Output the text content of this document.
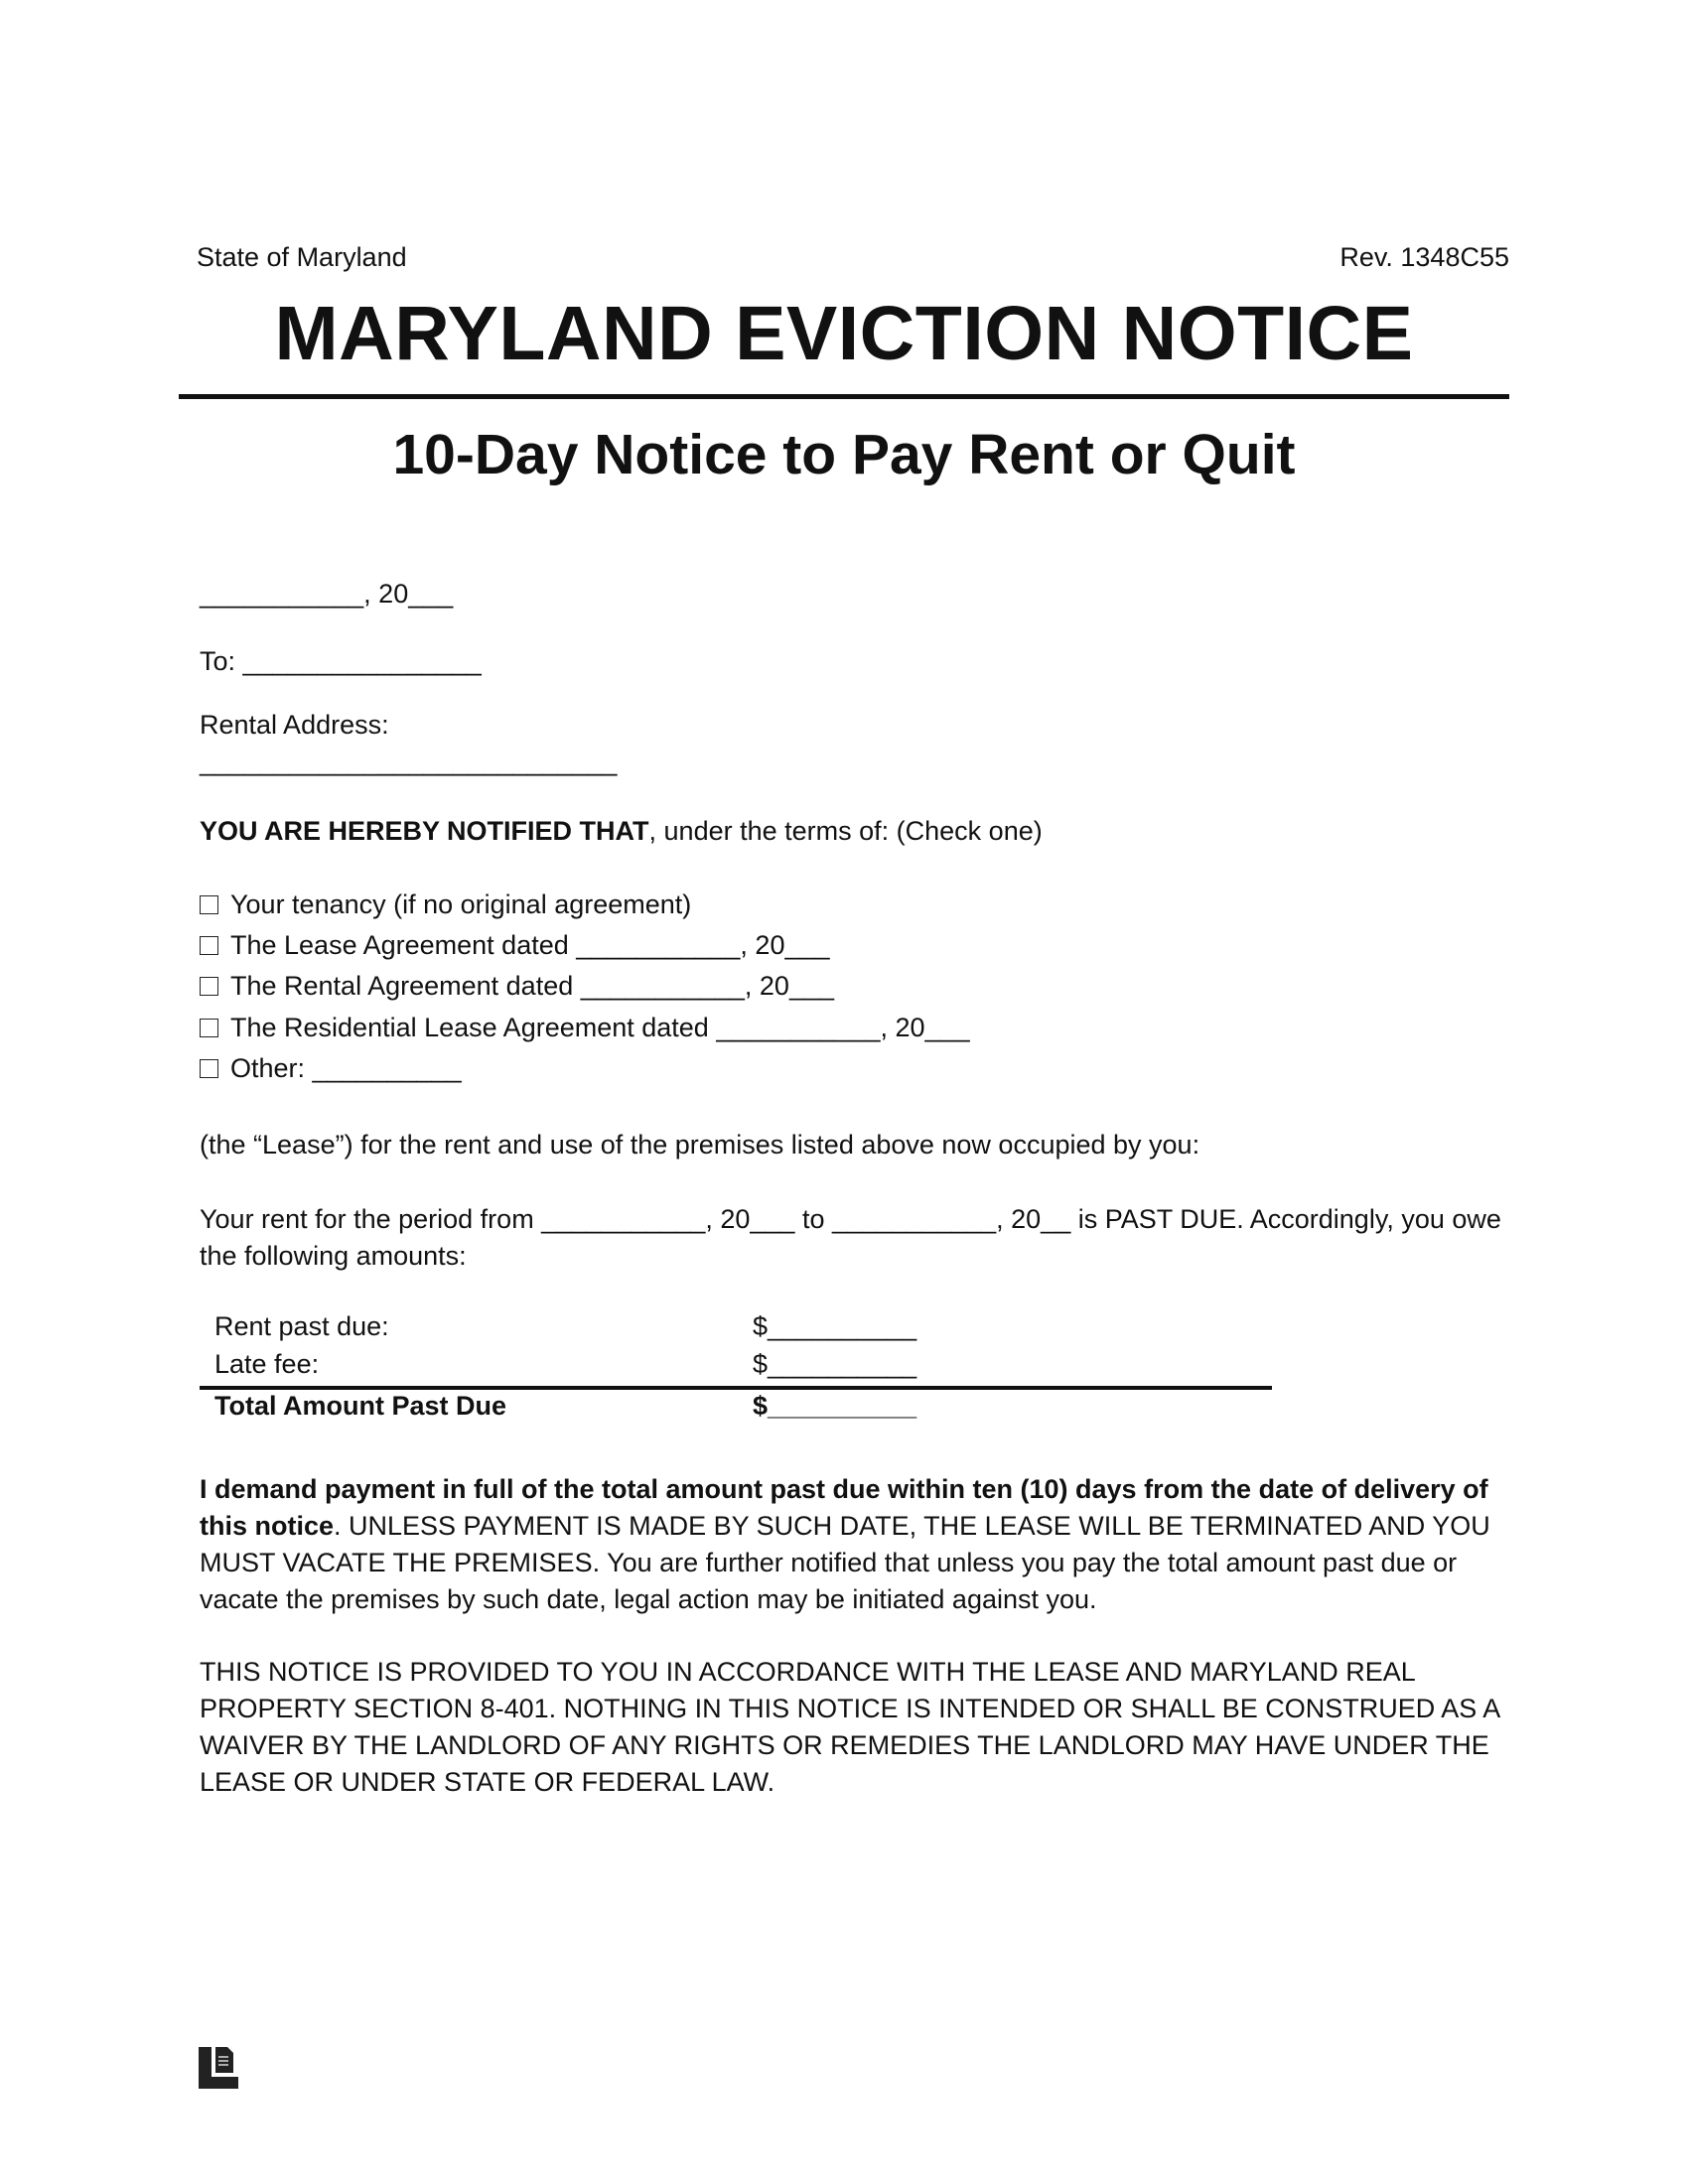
State of Maryland	Rev. 1348C55
MARYLAND EVICTION NOTICE
10-Day Notice to Pay Rent or Quit
___________, 20___
To: ________________
Rental Address:
____________________________
YOU ARE HEREBY NOTIFIED THAT, under the terms of: (Check one)
Your tenancy (if no original agreement)
The Lease Agreement dated ___________, 20___
The Rental Agreement dated ___________, 20___
The Residential Lease Agreement dated ___________, 20___
Other: __________
(the “Lease”) for the rent and use of the premises listed above now occupied by you:
Your rent for the period from ___________, 20___ to ___________, 20__ is PAST DUE. Accordingly, you owe the following amounts:
Rent past due:	$__________
Late fee:	$__________
Total Amount Past Due	$__________
I demand payment in full of the total amount past due within ten (10) days from the date of delivery of this notice. UNLESS PAYMENT IS MADE BY SUCH DATE, THE LEASE WILL BE TERMINATED AND YOU MUST VACATE THE PREMISES. You are further notified that unless you pay the total amount past due or vacate the premises by such date, legal action may be initiated against you.
THIS NOTICE IS PROVIDED TO YOU IN ACCORDANCE WITH THE LEASE AND MARYLAND REAL PROPERTY SECTION 8-401. NOTHING IN THIS NOTICE IS INTENDED OR SHALL BE CONSTRUED AS A WAIVER BY THE LANDLORD OF ANY RIGHTS OR REMEDIES THE LANDLORD MAY HAVE UNDER THE LEASE OR UNDER STATE OR FEDERAL LAW.
